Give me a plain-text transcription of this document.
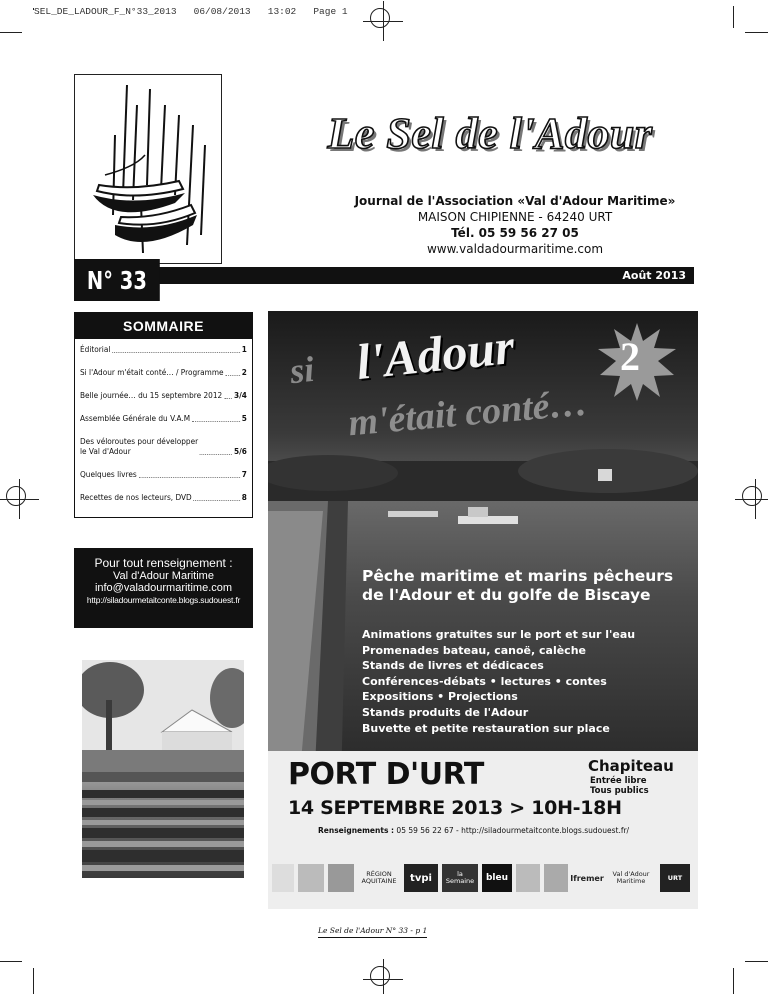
SEL_DE_LADOUR_F_N°33_2013   06/08/2013   13:02   Page 1
Le Sel de l'Adour
Journal de l'Association «Val d'Adour Maritime»
MAISON CHIPIENNE - 64240 URT
Tél. 05 59 56 27 05
www.valdadourmaritime.com
N° 33	Août 2013
SOMMAIRE
Éditorial	1
Si l'Adour m'était conté… / Programme 2
Belle journée… du 15 septembre 2012 3/4
Assemblée Générale du V.A.M	5
Des véloroutes pour développer
le Val d'Adour	5/6
Quelques livres	7
Recettes de nos lecteurs, DVD	8
Pour tout renseignement :
Val d'Adour Maritime
info@valadourmaritime.com
http://siladourmetaitconte.blogs.sudouest.fr
si l'Adour
m'était conté…
2
Pêche maritime et marins pêcheurs de l'Adour et du golfe de Biscaye
Animations gratuites sur le port et sur l'eau
Promenades bateau, canoë, calèche
Stands de livres et dédicaces
Conférences-débats • lectures • contes
Expositions • Projections
Stands produits de l'Adour
Buvette et petite restauration sur place
PORT D'URT	Chapiteau
Entrée libre
Tous publics
14 SEPTEMBRE 2013 > 10H-18H
Renseignements : 05 59 56 22 67 - http://siladourmetaitconte.blogs.sudouest.fr/
RÉGION AQUITAINE	tvpi	la Semaine	bleu	Ifremer	Val d'Adour Maritime	URT
Le Sel de l'Adour N° 33 - p 1
